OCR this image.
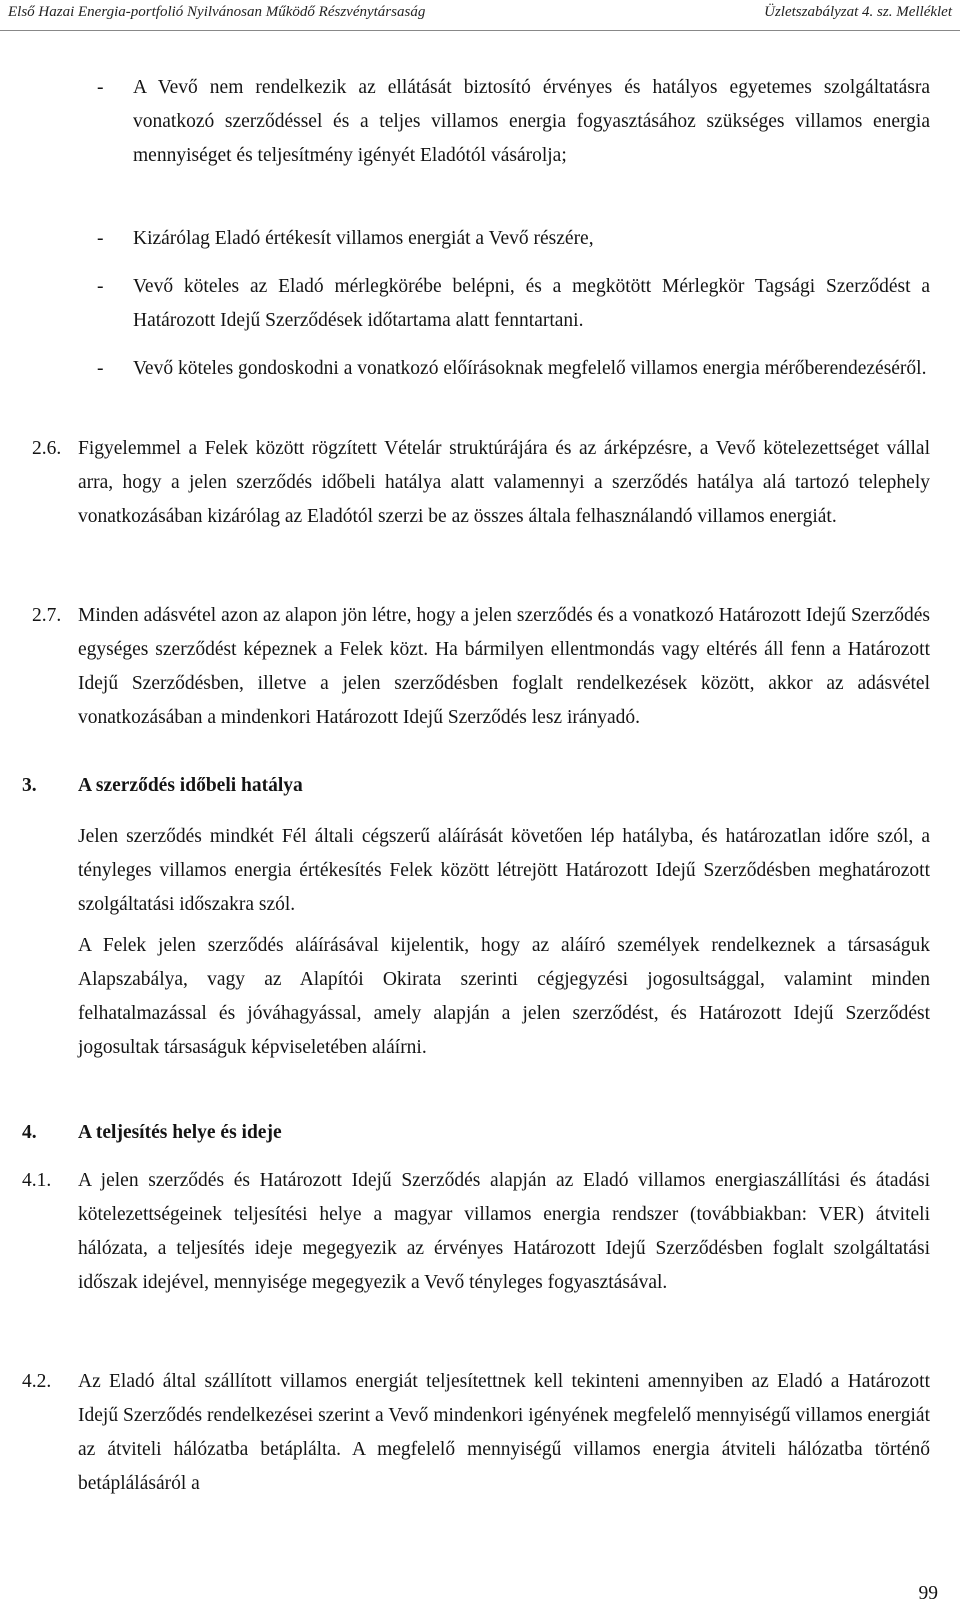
Első Hazai Energia-portfolió Nyilvánosan Működő Részvénytársaság	Üzletszabályzat 4. sz. Melléklet
- A Vevő nem rendelkezik az ellátását biztosító érvényes és hatályos egyetemes szolgáltatásra vonatkozó szerződéssel és a teljes villamos energia fogyasztásához szükséges villamos energia mennyiséget és teljesítmény igényét Eladótól vásárolja;
- Kizárólag Eladó értékesít villamos energiát a Vevő részére,
- Vevő köteles az Eladó mérlegkörébe belépni, és a megkötött Mérlegkör Tagsági Szerződést a Határozott Idejű Szerződések időtartama alatt fenntartani.
- Vevő köteles gondoskodni a vonatkozó előírásoknak megfelelő villamos energia mérőberendezéséről.
2.6. Figyelemmel a Felek között rögzített Vételár struktúrájára és az árképzésre, a Vevő kötelezettséget vállal arra, hogy a jelen szerződés időbeli hatálya alatt valamennyi a szerződés hatálya alá tartozó telephely vonatkozásában kizárólag az Eladótól szerzi be az összes általa felhasználandó villamos energiát.
2.7. Minden adásvétel azon az alapon jön létre, hogy a jelen szerződés és a vonatkozó Határozott Idejű Szerződés egységes szerződést képeznek a Felek közt. Ha bármilyen ellentmondás vagy eltérés áll fenn a Határozott Idejű Szerződésben, illetve a jelen szerződésben foglalt rendelkezések között, akkor az adásvétel vonatkozásában a mindenkori Határozott Idejű Szerződés lesz irányadó.
3. A szerződés időbeli hatálya
Jelen szerződés mindkét Fél általi cégszerű aláírását követően lép hatályba, és határozatlan időre szól, a tényleges villamos energia értékesítés Felek között létrejött Határozott Idejű Szerződésben meghatározott szolgáltatási időszakra szól.
A Felek jelen szerződés aláírásával kijelentik, hogy az aláíró személyek rendelkeznek a társaságuk Alapszabálya, vagy az Alapítói Okirata szerinti cégjegyzési jogosultsággal, valamint minden felhatalmazással és jóváhagyással, amely alapján a jelen szerződést, és Határozott Idejű Szerződést jogosultak társaságuk képviseletében aláírni.
4. A teljesítés helye és ideje
4.1. A jelen szerződés és Határozott Idejű Szerződés alapján az Eladó villamos energiaszállítási és átadási kötelezettségeinek teljesítési helye a magyar villamos energia rendszer (továbbiakban: VER) átviteli hálózata, a teljesítés ideje megegyezik az érvényes Határozott Idejű Szerződésben foglalt szolgáltatási időszak idejével, mennyisége megegyezik a Vevő tényleges fogyasztásával.
4.2. Az Eladó által szállított villamos energiát teljesítettnek kell tekinteni amennyiben az Eladó a Határozott Idejű Szerződés rendelkezései szerint a Vevő mindenkori igényének megfelelő mennyiségű villamos energiát az átviteli hálózatba betáplálta. A megfelelő mennyiségű villamos energia átviteli hálózatba történő betáplálásáról a
99
